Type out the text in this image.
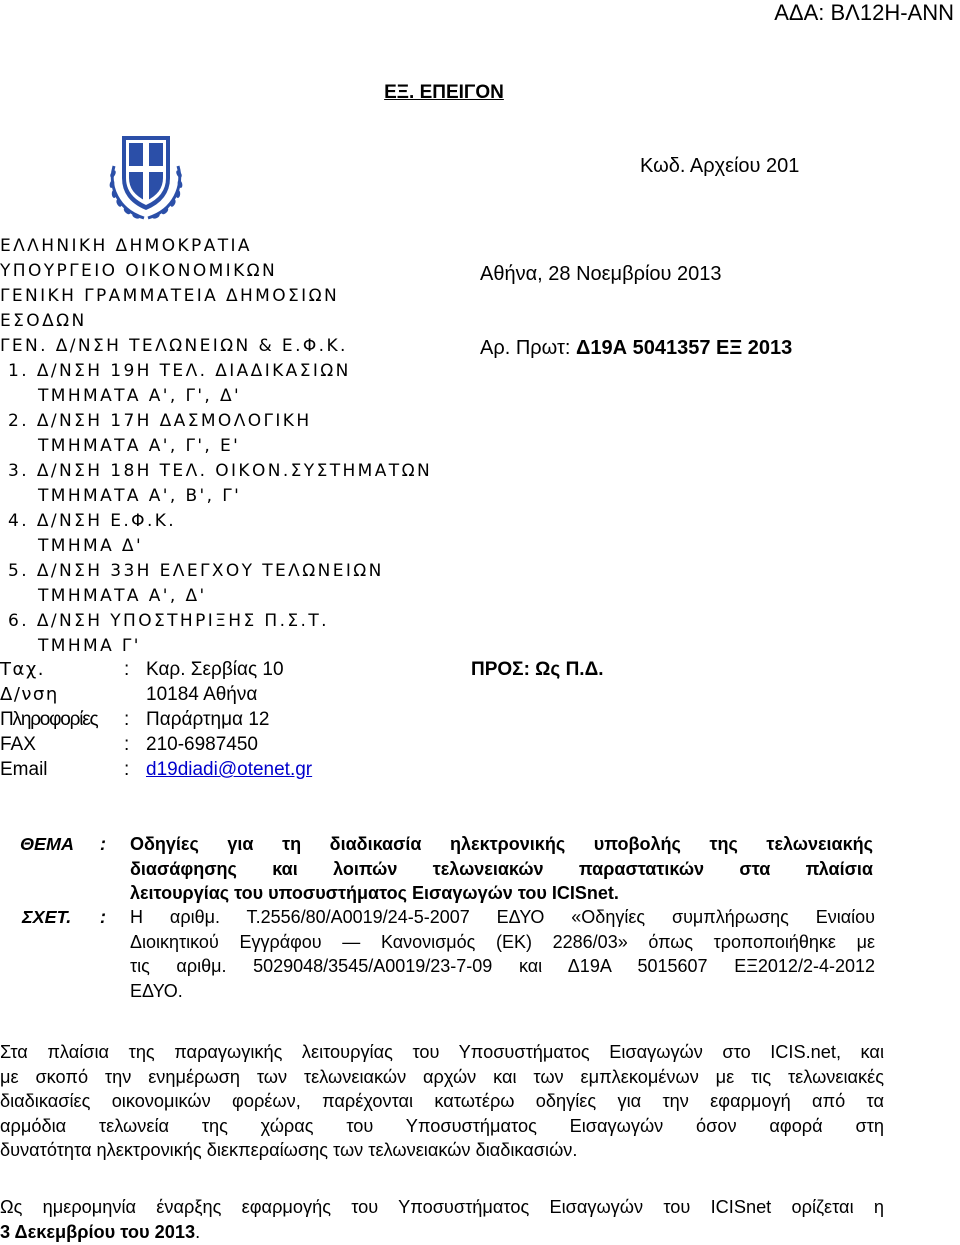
ΑΔΑ: ΒΛ12Η-ΑΝΝ
ΕΞ. ΕΠΕΙΓΟΝ
Κωδ. Αρχείου 201
ΕΛΛΗΝΙΚΗ ΔΗΜΟΚΡΑΤΙΑ
ΥΠΟΥΡΓΕΙΟ ΟΙΚΟΝΟΜΙΚΩΝ
ΓΕΝΙΚΗ ΓΡΑΜΜΑΤΕΙΑ ΔΗΜΟΣΙΩΝ
ΕΣΟΔΩΝ
ΓΕΝ. Δ/ΝΣΗ ΤΕΛΩΝΕΙΩΝ & Ε.Φ.Κ.
1. Δ/ΝΣΗ 19Η ΤΕΛ. ΔΙΑΔΙΚΑΣΙΩΝ
ΤΜΗΜΑΤΑ Α', Γ', Δ'
2. Δ/ΝΣΗ 17Η ΔΑΣΜΟΛΟΓΙΚΗ
ΤΜΗΜΑΤΑ Α', Γ', Ε'
3. Δ/ΝΣΗ 18Η ΤΕΛ. ΟΙΚΟΝ.ΣΥΣΤΗΜΑΤΩΝ
ΤΜΗΜΑΤΑ Α', Β', Γ'
4. Δ/ΝΣΗ Ε.Φ.Κ.
ΤΜΗΜΑ Δ'
5. Δ/ΝΣΗ 33Η ΕΛΕΓΧΟΥ ΤΕΛΩΝΕΙΩΝ
ΤΜΗΜΑΤΑ Α', Δ'
6. Δ/ΝΣΗ ΥΠΟΣΤΗΡΙΞΗΣ Π.Σ.Τ.
ΤΜΗΜΑ Γ'
Αθήνα, 28 Νοεμβρίου 2013
Αρ. Πρωτ: Δ19Α 5041357 ΕΞ 2013
ΠΡΟΣ: Ως Π.Δ.
Ταχ.	: Καρ. Σερβίας 10
Δ/νση	10184 Αθήνα
Πληροφορίες : Παράρτημα 12
FAX	: 210-6987450
Email	: d19diadi@otenet.gr
ΘΕΜΑ : Οδηγίες για τη διαδικασία ηλεκτρονικής υποβολής της τελωνειακής
διασάφησης και λοιπών τελωνειακών παραστατικών στα πλαίσια
λειτουργίας του υποσυστήματος Εισαγωγών του ICISnet.
ΣΧΕΤ. : Η αριθμ. Τ.2556/80/Α0019/24-5-2007 ΕΔΥΟ «Οδηγίες συμπλήρωσης Ενιαίου
Διοικητικού Εγγράφου — Κανονισμός (ΕΚ) 2286/03» όπως τροποποιήθηκε με
τις αριθμ. 5029048/3545/Α0019/23-7-09 και Δ19Α 5015607 ΕΞ2012/2-4-2012
ΕΔΥΟ.
Στα πλαίσια της παραγωγικής λειτουργίας του Υποσυστήματος Εισαγωγών στο ICIS.net, και
με σκοπό την ενημέρωση των τελωνειακών αρχών και των εμπλεκομένων με τις τελωνειακές
διαδικασίες οικονομικών φορέων, παρέχονται κατωτέρω οδηγίες για την εφαρμογή από τα
αρμόδια τελωνεία της χώρας του Υποσυστήματος Εισαγωγών όσον αφορά στη
δυνατότητα ηλεκτρονικής διεκπεραίωσης των τελωνειακών διαδικασιών.
Ως ημερομηνία έναρξης εφαρμογής του Υποσυστήματος Εισαγωγών του ICISnet ορίζεται η
3 Δεκεμβρίου του 2013.
